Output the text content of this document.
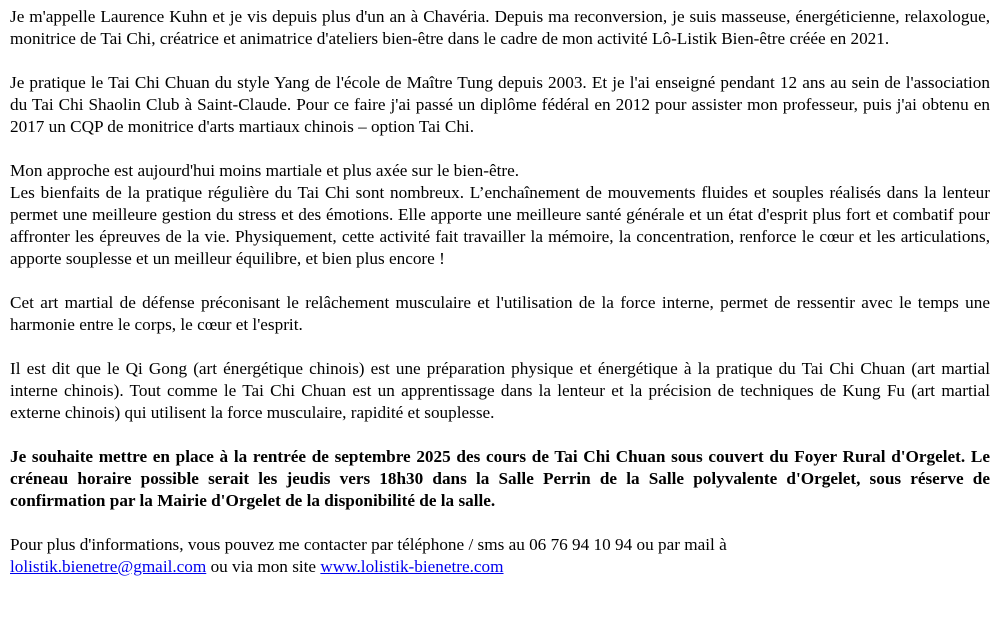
Je m'appelle Laurence Kuhn et je vis depuis plus d'un an à Chavéria. Depuis ma reconversion, je suis masseuse, énergéticienne, relaxologue, monitrice de Tai Chi, créatrice et animatrice d'ateliers bien-être dans le cadre de mon activité Lô-Listik Bien-être créée en 2021.

Je pratique le Tai Chi Chuan du style Yang de l'école de Maître Tung depuis 2003. Et je l'ai enseigné pendant 12 ans au sein de l'association du Tai Chi Shaolin Club à Saint-Claude. Pour ce faire j'ai passé un diplôme fédéral en 2012 pour assister mon professeur, puis j'ai obtenu en 2017 un CQP de monitrice d'arts martiaux chinois – option Tai Chi.

Mon approche est aujourd'hui moins martiale et plus axée sur le bien-être.
Les bienfaits de la pratique régulière du Tai Chi sont nombreux. L’enchaînement de mouvements fluides et souples réalisés dans la lenteur permet une meilleure gestion du stress et des émotions. Elle apporte une meilleure santé générale et un état d'esprit plus fort et combatif pour affronter les épreuves de la vie. Physiquement, cette activité fait travailler la mémoire, la concentration, renforce le cœur et les articulations, apporte souplesse et un meilleur équilibre, et bien plus encore !

Cet art martial de défense préconisant le relâchement musculaire et l'utilisation de la force interne, permet de ressentir avec le temps une harmonie entre le corps, le cœur et l'esprit.

Il est dit que le Qi Gong (art énergétique chinois) est une préparation physique et énergétique à la pratique du Tai Chi Chuan (art martial interne chinois). Tout comme le Tai Chi Chuan est un apprentissage dans la lenteur et la précision de techniques de Kung Fu (art martial externe chinois) qui utilisent la force musculaire, rapidité et souplesse.

Je souhaite mettre en place à la rentrée de septembre 2025 des cours de Tai Chi Chuan sous couvert du Foyer Rural d'Orgelet. Le créneau horaire possible serait les jeudis vers 18h30 dans la Salle Perrin de la Salle polyvalente d'Orgelet, sous réserve de confirmation par la Mairie d'Orgelet de la disponibilité de la salle.

Pour plus d'informations, vous pouvez me contacter par téléphone / sms au 06 76 94 10 94 ou par mail à
lolistik.bienetre@gmail.com ou via mon site www.lolistik-bienetre.com
